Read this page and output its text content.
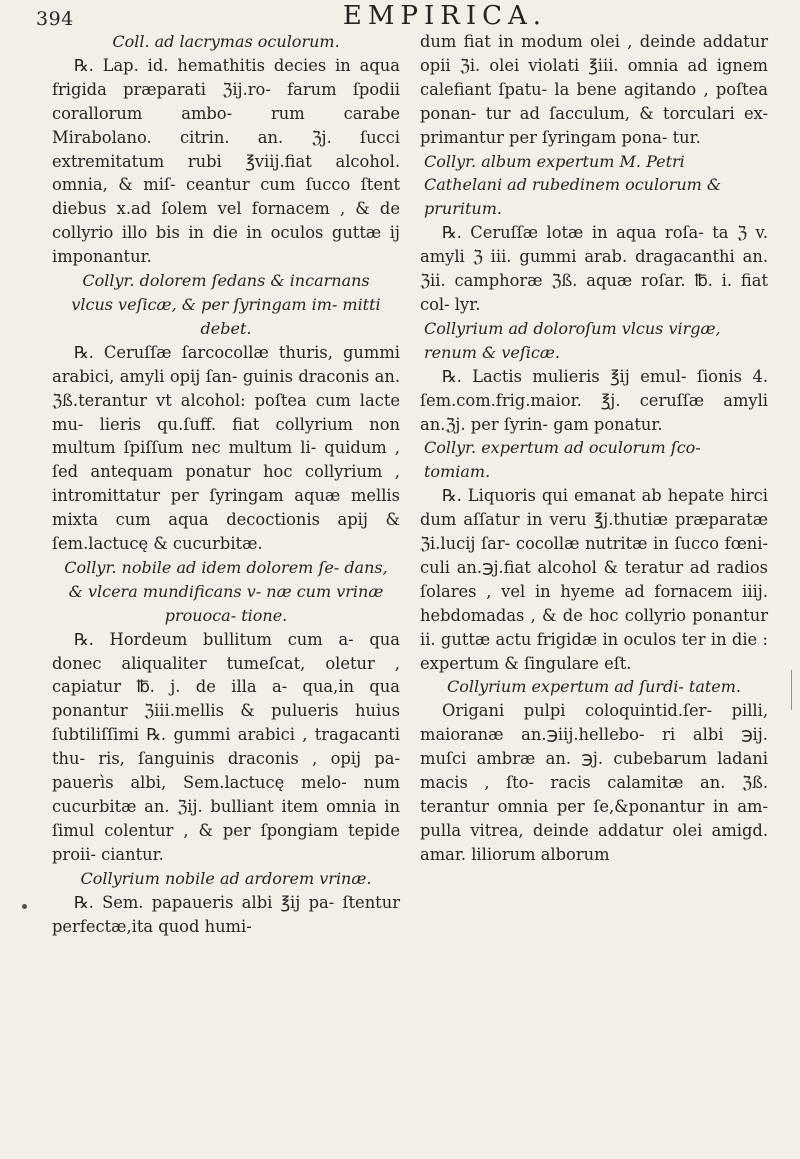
394	EMPIRICA.

Coll. ad lacrymas oculorum.

℞. Lap. id. hemathitis decies in aqua frigida præparati ℨij.ro- farum ſpodii corallorum ambo- rum carabe Mirabolano. citrin. an. ℨj. ſucci extremitatum rubi ℥viij.fiat alcohol. omnia, & miſ- ceantur cum ſucco ſtent diebus x.ad ſolem vel fornacem , & de collyrio illo bis in die in oculos guttæ ij imponantur.

Collyr. dolorem ſedans & incarnans vlcus veſicæ, & per ſyringam im- mitti debet.

℞. Ceruſſæ ſarcocollæ thuris, gummi arabici, amyli opij ſan- guinis draconis an. ℨß.terantur vt alcohol: poſtea cum lacte mu- lieris qu.ſuff. fiat collyrium non multum ſpiſſum nec multum li- quidum , ſed antequam ponatur hoc collyrium , intromittatur per ſyringam aquæ mellis mixta cum aqua decoctionis apij & ſem.lactucę & cucurbitæ.

Collyr. nobile ad idem dolorem ſe- dans, & vlcera mundificans v- næ cum vrinæ prouoca- tione.

℞. Hordeum bullitum cum a- qua donec aliqualiter tumeſcat, oletur , capiatur ℔. j. de illa a- qua,in qua ponantur ℨiii.mellis & pulueris huius ſubtiliſſimi ℞. gummi arabici , tragacanti thu- ris, ſanguinis draconis , opij pa- pauerìs albi, Sem.lactucę melo- num cucurbitæ an. ℨij. bulliant item omnia in ſimul colentur , & per ſpongiam tepide proii- ciantur.

Collyrium nobile ad ardorem vrinæ.

℞. Sem. papaueris albi ℥ij pa- ſtentur perfectæ,ita quod humi-

dum fiat in modum olei , deinde addatur opii ℨi. olei violati ℥iii. omnia ad ignem calefiant ſpatu- la bene agitando , poſtea ponan- tur ad ſacculum, & torculari ex- primantur per ſyringam pona- tur.

Collyr. album expertum M. Petri Cathelani ad rubedinem oculorum & pruritum.

℞. Ceruſſæ lotæ in aqua roſa- ta ℨ v. amyli ℨ iii. gummi arab. dragacanthi an. ℨii. camphoræ ℨß. aquæ roſar. ℔. i. fiat col- lyr.

Collyrium ad doloroſum vlcus virgæ, renum & veſicæ.

℞. Lactis mulieris ℥ij emul- ſionis 4. ſem.com.frig.maior. ℥j. ceruſſæ amyli an.ℨj. per ſyrin- gam ponatur.

Collyr. expertum ad oculorum ſco- tomiam.

℞. Liquoris qui emanat ab hepate hirci dum aſſatur in veru ℥j.thutiæ præparatæ ℨi.lucij ſar- cocollæ nutritæ in ſucco fœni- culi an.℈j.fiat alcohol & teratur ad radios ſolares , vel in hyeme ad fornacem iiij. hebdomadas , & de hoc collyrio ponantur ii. guttæ actu frigidæ in oculos ter in die : expertum & ſingulare eſt.

Collyrium expertum ad ſurdi- tatem.

Origani pulpi coloquintid.ſer- pilli, maioranæ an.℈iij.hellebo- ri albi ℈ij. muſci ambræ an. ℈j. cubebarum ladani macis , ſto- racis calamitæ an. ℨß. terantur omnia per ſe,&ponantur in am- pulla vitrea, deinde addatur olei amigd. amar. liliorum alborum
